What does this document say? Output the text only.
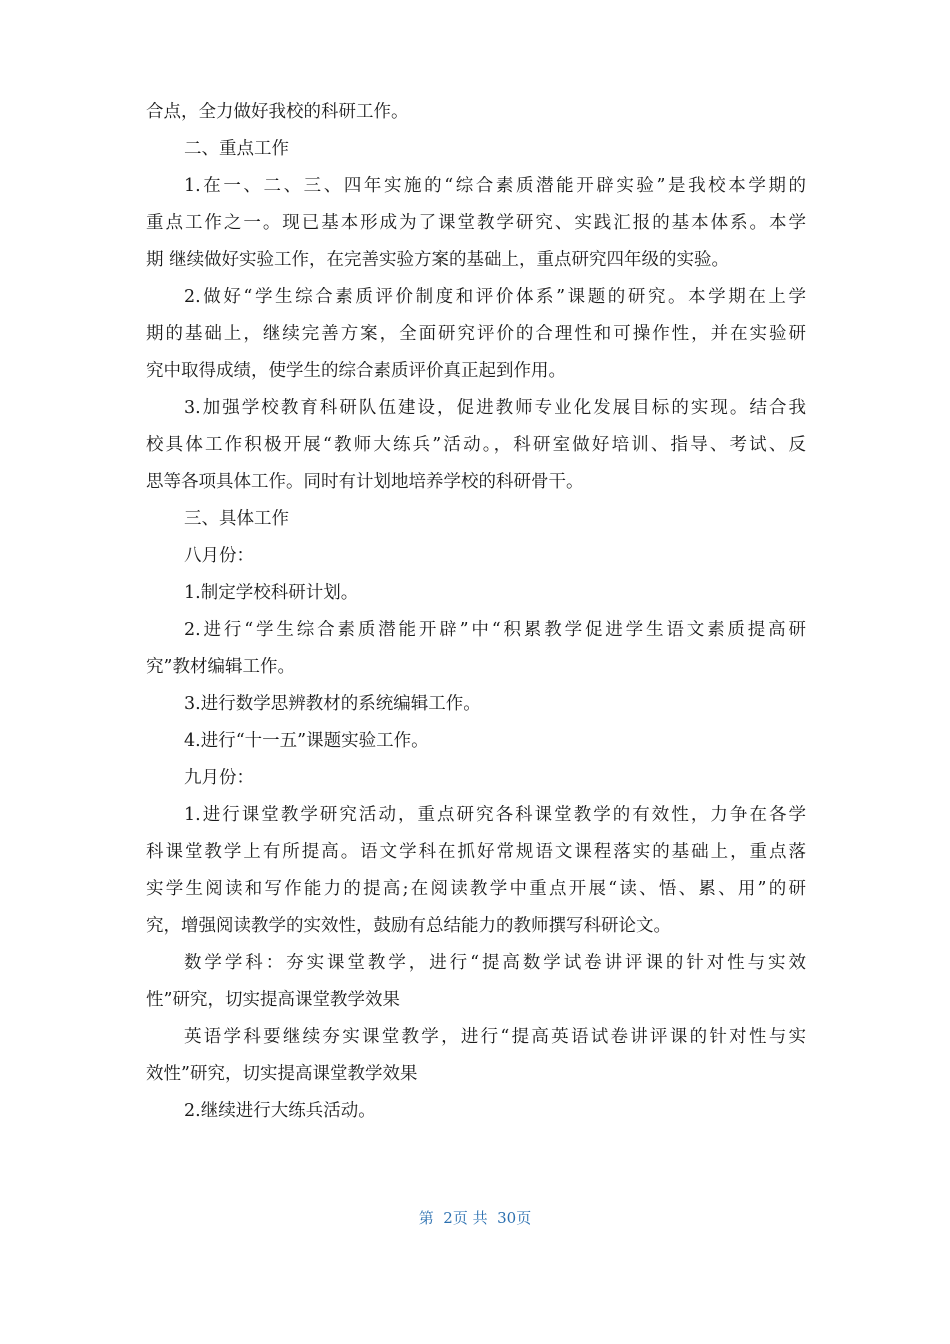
合点，全力做好我校的科研工作。
二、重点工作
1.在一、二、三、四年实施的“综合素质潜能开辟实验”是我校本学期的
重点工作之一。现已基本形成为了课堂教学研究、实践汇报的基本体系。本学
期 继续做好实验工作，在完善实验方案的基础上，重点研究四年级的实验。
2.做好“学生综合素质评价制度和评价体系”课题的研究。本学期在上学
期的基础上，继续完善方案，全面研究评价的合理性和可操作性，并在实验研
究中取得成绩，使学生的综合素质评价真正起到作用。
3.加强学校教育科研队伍建设，促进教师专业化发展目标的实现。结合我
校具体工作积极开展“教师大练兵”活动。，科研室做好培训、指导、考试、反
思等各项具体工作。同时有计划地培养学校的科研骨干。
三、具体工作
八月份：
1.制定学校科研计划。
2.进行“学生综合素质潜能开辟”中“积累教学促进学生语文素质提高研
究”教材编辑工作。
3.进行数学思辨教材的系统编辑工作。
4.进行“十一五”课题实验工作。
九月份：
1.进行课堂教学研究活动，重点研究各科课堂教学的有效性，力争在各学
科课堂教学上有所提高。语文学科在抓好常规语文课程落实的基础上，重点落
实学生阅读和写作能力的提高;在阅读教学中重点开展“读、悟、累、用”的研
究，增强阅读教学的实效性，鼓励有总结能力的教师撰写科研论文。
数学学科：夯实课堂教学，进行“提高数学试卷讲评课的针对性与实效
性”研究，切实提高课堂教学效果
英语学科要继续夯实课堂教学，进行“提高英语试卷讲评课的针对性与实
效性”研究，切实提高课堂教学效果
2.继续进行大练兵活动。
第  2页 共  30页
